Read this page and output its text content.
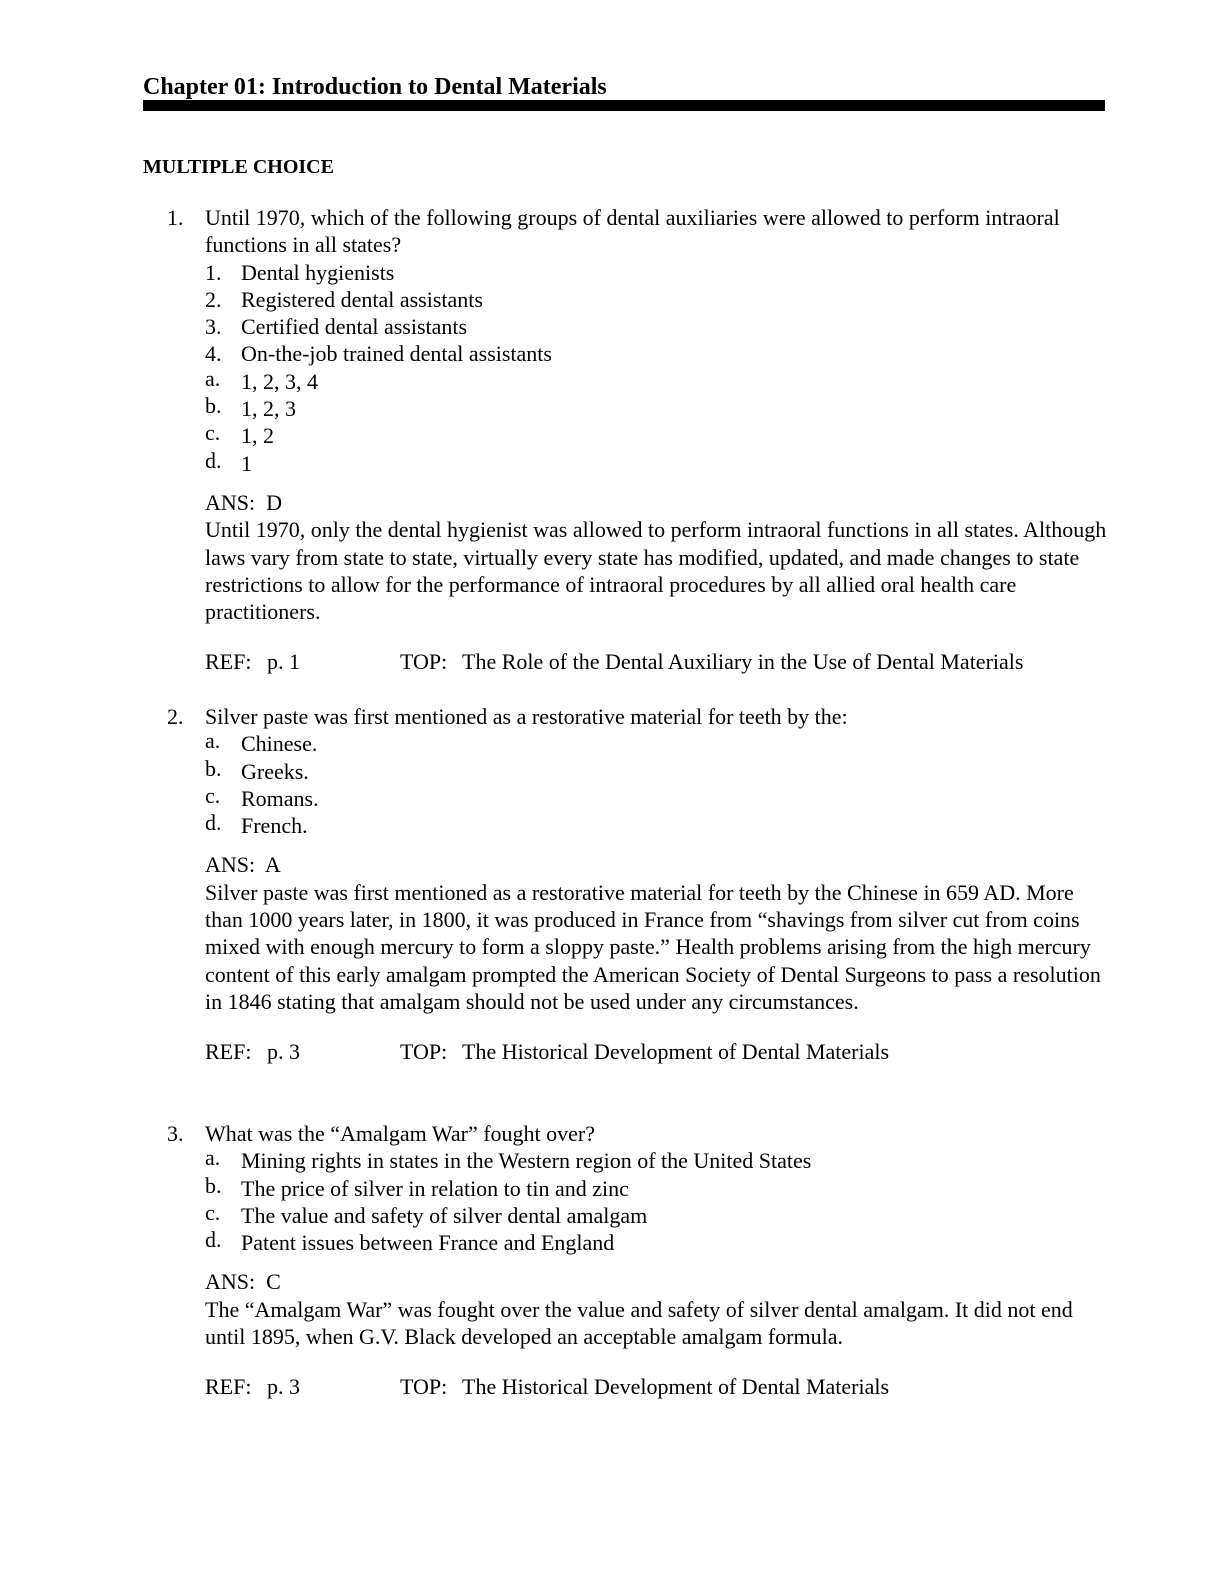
Chapter 01: Introduction to Dental Materials
MULTIPLE CHOICE
1. Until 1970, which of the following groups of dental auxiliaries were allowed to perform intraoral functions in all states?
1. Dental hygienists
2. Registered dental assistants
3. Certified dental assistants
4. On-the-job trained dental assistants
a. 1, 2, 3, 4
b. 1, 2, 3
c. 1, 2
d. 1
ANS: D
Until 1970, only the dental hygienist was allowed to perform intraoral functions in all states. Although laws vary from state to state, virtually every state has modified, updated, and made changes to state restrictions to allow for the performance of intraoral procedures by all allied oral health care practitioners.
REF: p. 1	TOP: The Role of the Dental Auxiliary in the Use of Dental Materials
2. Silver paste was first mentioned as a restorative material for teeth by the:
a. Chinese.
b. Greeks.
c. Romans.
d. French.
ANS: A
Silver paste was first mentioned as a restorative material for teeth by the Chinese in 659 AD. More than 1000 years later, in 1800, it was produced in France from “shavings from silver cut from coins mixed with enough mercury to form a sloppy paste.” Health problems arising from the high mercury content of this early amalgam prompted the American Society of Dental Surgeons to pass a resolution in 1846 stating that amalgam should not be used under any circumstances.
REF: p. 3	TOP: The Historical Development of Dental Materials
3. What was the “Amalgam War” fought over?
a. Mining rights in states in the Western region of the United States
b. The price of silver in relation to tin and zinc
c. The value and safety of silver dental amalgam
d. Patent issues between France and England
ANS: C
The “Amalgam War” was fought over the value and safety of silver dental amalgam. It did not end until 1895, when G.V. Black developed an acceptable amalgam formula.
REF: p. 3	TOP: The Historical Development of Dental Materials
